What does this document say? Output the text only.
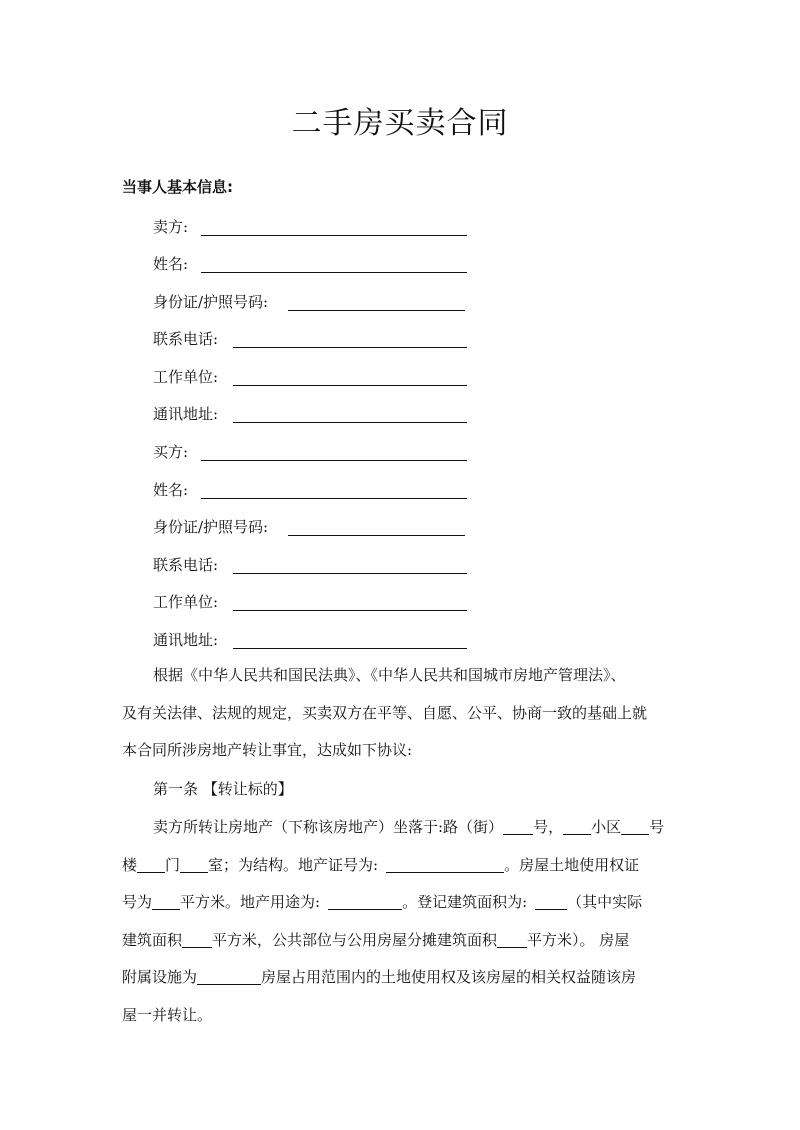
二手房买卖合同
当事人基本信息:
卖方:
姓名:
身份证/护照号码:
联系电话:
工作单位:
通讯地址:
买方:
姓名:
身份证/护照号码:
联系电话:
工作单位:
通讯地址:
根据《中华人民共和国民法典》、《中华人民共和国城市房地产管理法》、
及有关法律、法规的规定，买卖双方在平等、自愿、公平、协商一致的基础上就
本合同所涉房地产转让事宜，达成如下协议:
第一条 【转让标的】
卖方所转让房地产（下称该房地产）坐落于:路（街） 号， 小区 号
楼 门 室；为结构。地产证号为:	。房屋土地使用权证
号为 平方米。地产用途为:	。登记建筑面积为:	（其中实际
建筑面积 平方米，公共部位与公用房屋分摊建筑面积 平方米）。 房屋
附属设施为	房屋占用范围内的土地使用权及该房屋的相关权益随该房
屋一并转让。
